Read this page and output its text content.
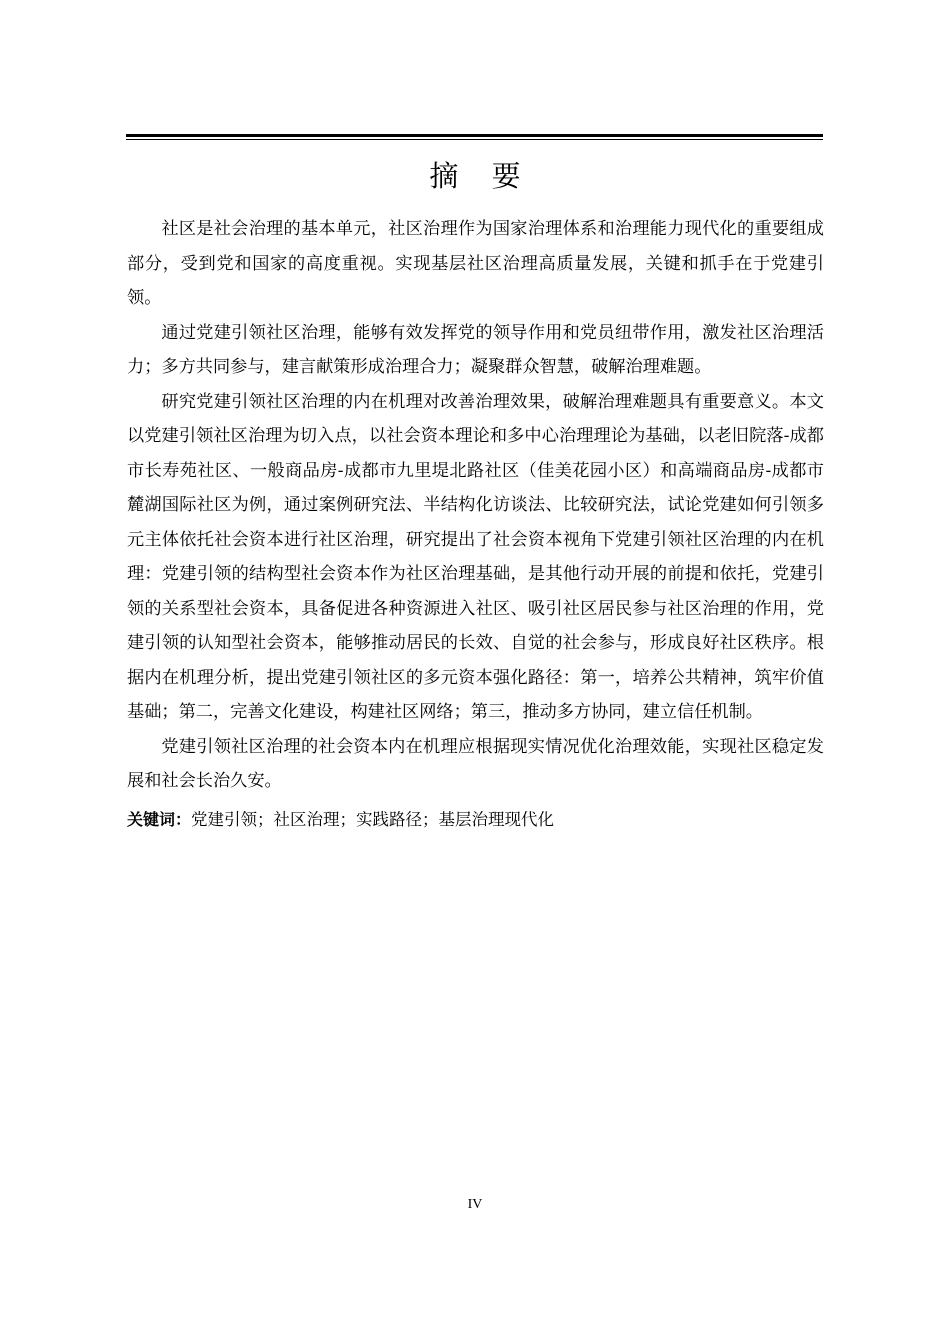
摘 要

社区是社会治理的基本单元，社区治理作为国家治理体系和治理能力现代化的重要组成部分，受到党和国家的高度重视。实现基层社区治理高质量发展，关键和抓手在于党建引领。

通过党建引领社区治理，能够有效发挥党的领导作用和党员纽带作用，激发社区治理活力；多方共同参与，建言献策形成治理合力；凝聚群众智慧，破解治理难题。

研究党建引领社区治理的内在机理对改善治理效果，破解治理难题具有重要意义。本文以党建引领社区治理为切入点，以社会资本理论和多中心治理理论为基础，以老旧院落-成都市长寿苑社区、一般商品房-成都市九里堤北路社区（佳美花园小区）和高端商品房-成都市麓湖国际社区为例，通过案例研究法、半结构化访谈法、比较研究法，试论党建如何引领多元主体依托社会资本进行社区治理，研究提出了社会资本视角下党建引领社区治理的内在机理：党建引领的结构型社会资本作为社区治理基础，是其他行动开展的前提和依托，党建引领的关系型社会资本，具备促进各种资源进入社区、吸引社区居民参与社区治理的作用，党建引领的认知型社会资本，能够推动居民的长效、自觉的社会参与，形成良好社区秩序。根据内在机理分析，提出党建引领社区的多元资本强化路径：第一，培养公共精神，筑牢价值基础；第二，完善文化建设，构建社区网络；第三，推动多方协同，建立信任机制。

党建引领社区治理的社会资本内在机理应根据现实情况优化治理效能，实现社区稳定发展和社会长治久安。

关键词：党建引领；社区治理；实践路径；基层治理现代化

IV
